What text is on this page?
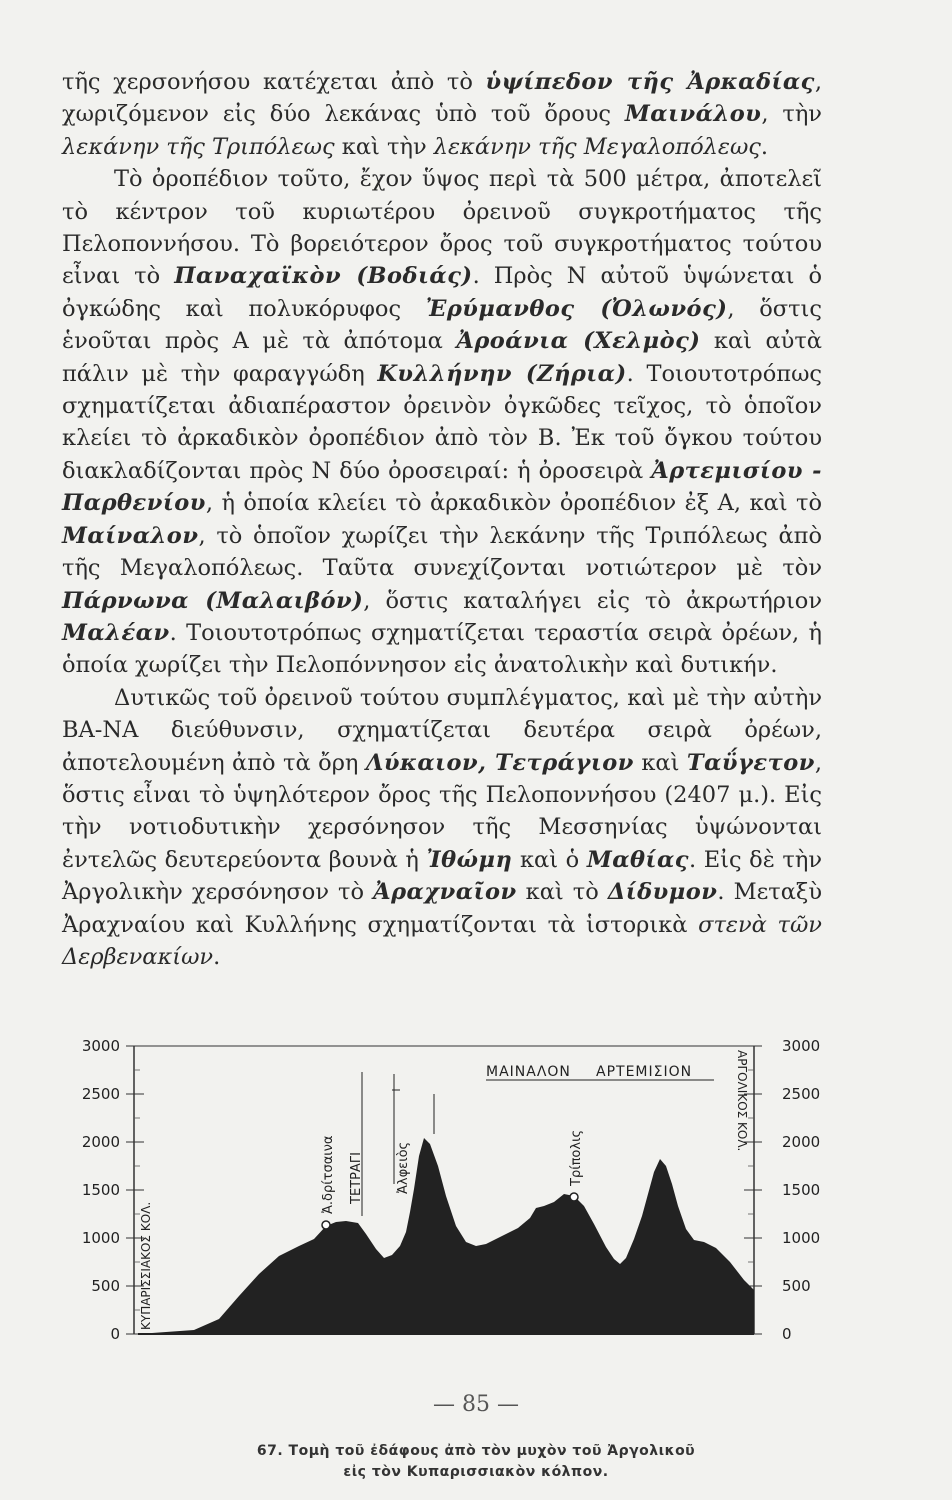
τῆς χερσονήσου κατέχεται ἀπὸ τὸ ὑψίπεδον τῆς Ἀρκαδίας, χωριζόμενον εἰς δύο λεκάνας ὑπὸ τοῦ ὄρους Μαινάλου, τὴν λεκάνην τῆς Τριπόλεως καὶ τὴν λεκάνην τῆς Μεγαλοπόλεως.

Τὸ ὀροπέδιον τοῦτο, ἔχον ὕψος περὶ τὰ 500 μέτρα, ἀποτελεῖ τὸ κέντρον τοῦ κυριωτέρου ὀρεινοῦ συγκροτήματος τῆς Πελοποννήσου. Τὸ βορειότερον ὄρος τοῦ συγκροτήματος τούτου εἶναι τὸ Παναχαϊκὸν (Βοδιάς). Πρὸς Ν αὐτοῦ ὑψώνεται ὁ ὀγκώδης καὶ πολυκόρυφος Ἐρύμανθος (Ὀλωνός), ὅστις ἑνοῦται πρὸς Α μὲ τὰ ἀπότομα Ἀροάνια (Χελμὸς) καὶ αὐτὰ πάλιν μὲ τὴν φαραγγώδη Κυλλήνην (Ζήρια). Τοιουτοτρόπως σχηματίζεται ἀδιαπέραστον ὀρεινὸν ὀγκῶδες τεῖχος, τὸ ὁποῖον κλείει τὸ ἀρκαδικὸν ὀροπέδιον ἀπὸ τὸν Β. Ἐκ τοῦ ὄγκου τούτου διακλαδίζονται πρὸς Ν δύο ὀροσειραί: ἡ ὀροσειρὰ Ἀρτεμισίου - Παρθενίου, ἡ ὁποία κλείει τὸ ἀρκαδικὸν ὀροπέδιον ἐξ Α, καὶ τὸ Μαίναλον, τὸ ὁποῖον χωρίζει τὴν λεκάνην τῆς Τριπόλεως ἀπὸ τῆς Μεγαλοπόλεως. Ταῦτα συνεχίζονται νοτιώτερον μὲ τὸν Πάρνωνα (Μαλαιβόν), ὅστις καταλήγει εἰς τὸ ἀκρωτήριον Μαλέαν. Τοιουτοτρόπως σχηματίζεται τεραστία σειρὰ ὀρέων, ἡ ὁποία χωρίζει τὴν Πελοπόννησον εἰς ἀνατολικὴν καὶ δυτικήν.

Δυτικῶς τοῦ ὀρεινοῦ τούτου συμπλέγματος, καὶ μὲ τὴν αὐτὴν ΒΑ-ΝΑ διεύθυνσιν, σχηματίζεται δευτέρα σειρὰ ὀρέων, ἀποτελουμένη ἀπὸ τὰ ὄρη Λύκαιον, Τετράγιον καὶ Ταΰγετον, ὅστις εἶναι τὸ ὑψηλότερον ὄρος τῆς Πελοποννήσου (2407 μ.). Εἰς τὴν νοτιοδυτικὴν χερσόνησον τῆς Μεσσηνίας ὑψώνονται ἐντελῶς δευτερεύοντα βουνὰ ἡ Ἰθώμη καὶ ὁ Μαθίας. Εἰς δὲ τὴν Ἀργολικὴν χερσόνησον τὸ Ἀραχναῖον καὶ τὸ Δίδυμον. Μεταξὺ Ἀραχναίου καὶ Κυλλήνης σχηματίζονται τὰ ἱστορικὰ στενὰ τῶν Δερβενακίων.

3000
2500
2000
1500
1000
500
0
3000
2500
2000
1500
1000
500
0
ΚΥΠΑΡΙΣΣΙΑΚΟΣ ΚΟΛ.
ΑΡΓΟΛΙΚΟΣ ΚΟΛ.
Ἀ.δρίτσαινα ΤΕΤΡΑΓΙ Ἀλφειὸς	Τρίπολις
ΜΑΙΝΑΛΟΝ ΑΡΤΕΜΙΣΙΟΝ
— 85 —
67. Τομὴ τοῦ ἐδάφους ἀπὸ τὸν μυχὸν τοῦ Ἀργολικοῦ
εἰς τὸν Κυπαρισσιακὸν κόλπον.
